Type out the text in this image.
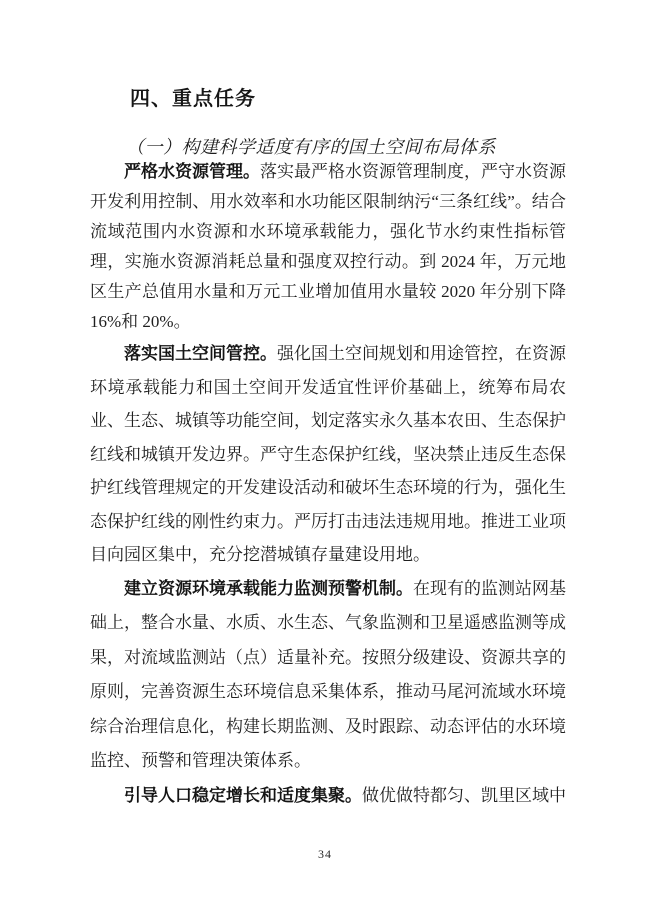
四、重点任务
（一）构建科学适度有序的国土空间布局体系

严格水资源管理。落实最严格水资源管理制度，严守水资源开发利用控制、用水效率和水功能区限制纳污“三条红线”。结合流域范围内水资源和水环境承载能力，强化节水约束性指标管理，实施水资源消耗总量和强度双控行动。到 2024 年，万元地区生产总值用水量和万元工业增加值用水量较 2020 年分别下降 16%和 20%。

落实国土空间管控。强化国土空间规划和用途管控，在资源环境承载能力和国土空间开发适宜性评价基础上，统筹布局农业、生态、城镇等功能空间，划定落实永久基本农田、生态保护红线和城镇开发边界。严守生态保护红线，坚决禁止违反生态保护红线管理规定的开发建设活动和破坏生态环境的行为，强化生态保护红线的刚性约束力。严厉打击违法违规用地。推进工业项目向园区集中，充分挖潜城镇存量建设用地。

建立资源环境承载能力监测预警机制。在现有的监测站网基础上，整合水量、水质、水生态、气象监测和卫星遥感监测等成果，对流域监测站（点）适量补充。按照分级建设、资源共享的原则，完善资源生态环境信息采集体系，推动马尾河流域水环境综合治理信息化，构建长期监测、及时跟踪、动态评估的水环境监控、预警和管理决策体系。

引导人口稳定增长和适度集聚。做优做特都匀、凯里区域中

34
